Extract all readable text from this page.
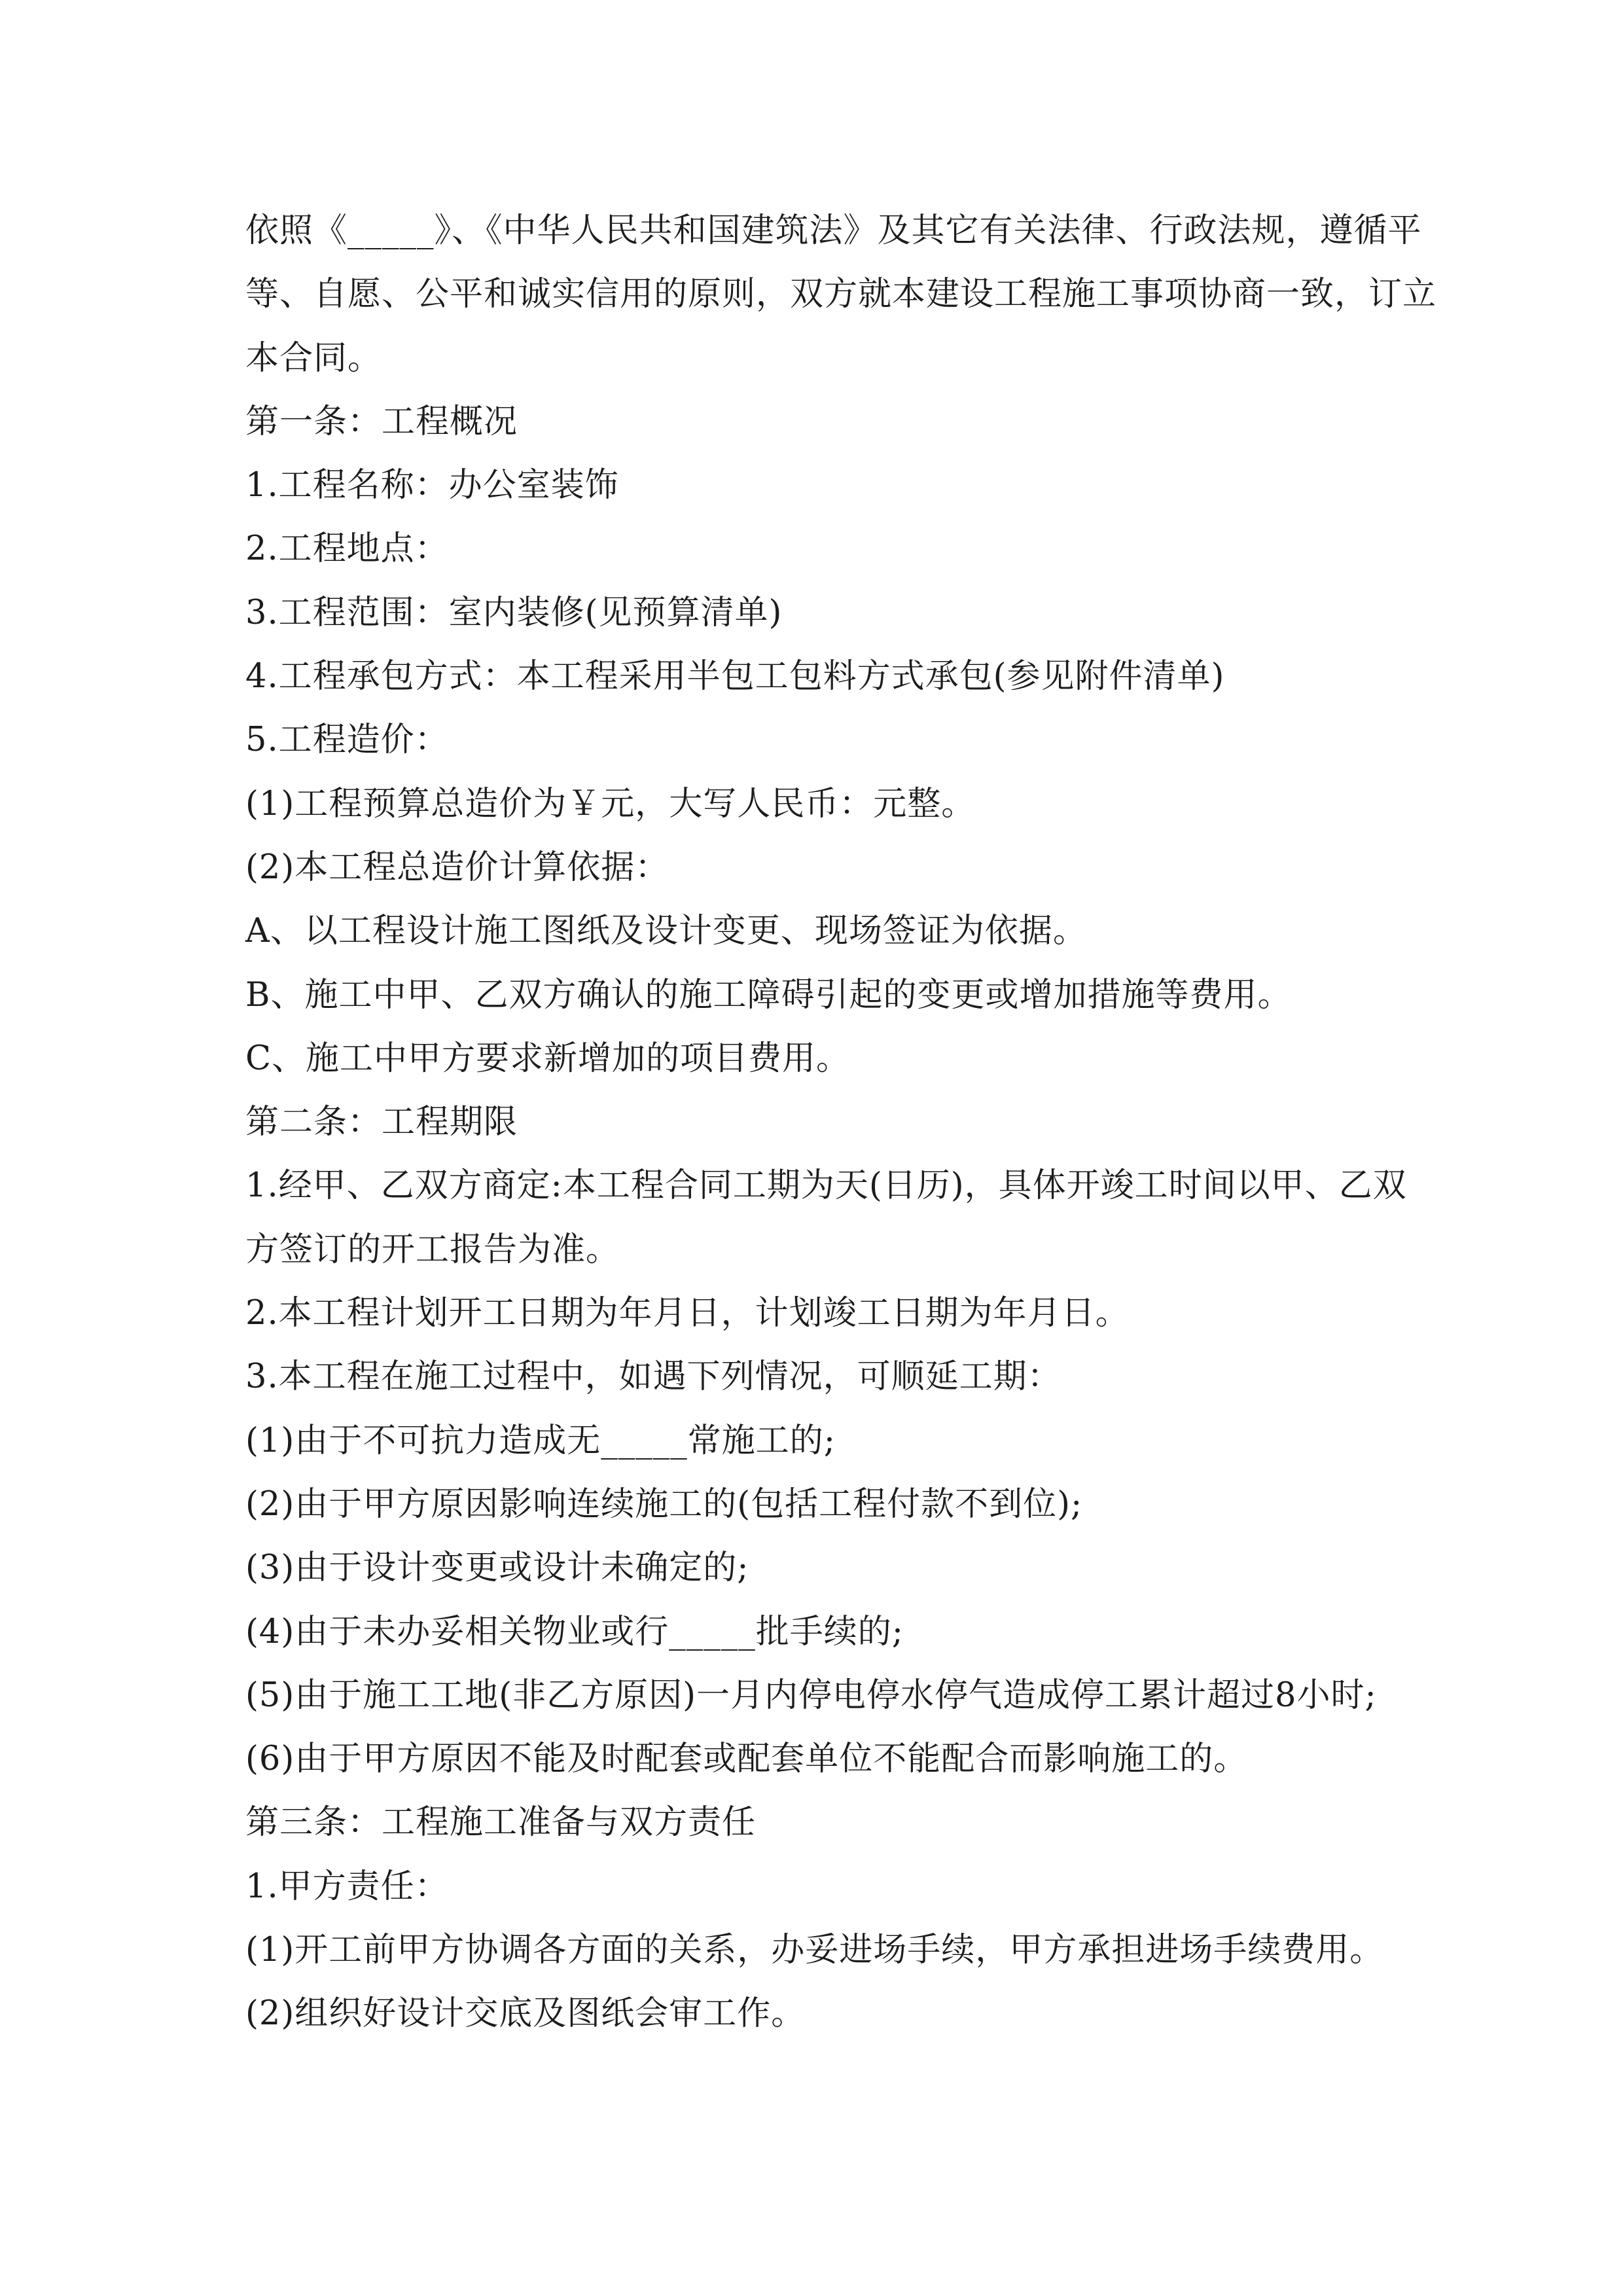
依照《_____》、《中华人民共和国建筑法》及其它有关法律、行政法规，遵循平
等、自愿、公平和诚实信用的原则，双方就本建设工程施工事项协商一致，订立
本合同。
第一条：工程概况
1.工程名称：办公室装饰
2.工程地点：
3.工程范围：室内装修(见预算清单)
4.工程承包方式：本工程采用半包工包料方式承包(参见附件清单)
5.工程造价：
(1)工程预算总造价为￥元，大写人民币：元整。
(2)本工程总造价计算依据：
A、以工程设计施工图纸及设计变更、现场签证为依据。
B、施工中甲、乙双方确认的施工障碍引起的变更或增加措施等费用。
C、施工中甲方要求新增加的项目费用。
第二条：工程期限
1.经甲、乙双方商定:本工程合同工期为天(日历)，具体开竣工时间以甲、乙双
方签订的开工报告为准。
2.本工程计划开工日期为年月日，计划竣工日期为年月日。
3.本工程在施工过程中，如遇下列情况，可顺延工期：
(1)由于不可抗力造成无_____常施工的;
(2)由于甲方原因影响连续施工的(包括工程付款不到位);
(3)由于设计变更或设计未确定的;
(4)由于未办妥相关物业或行_____批手续的;
(5)由于施工工地(非乙方原因)一月内停电停水停气造成停工累计超过8小时;
(6)由于甲方原因不能及时配套或配套单位不能配合而影响施工的。
第三条：工程施工准备与双方责任
1.甲方责任：
(1)开工前甲方协调各方面的关系，办妥进场手续，甲方承担进场手续费用。
(2)组织好设计交底及图纸会审工作。
